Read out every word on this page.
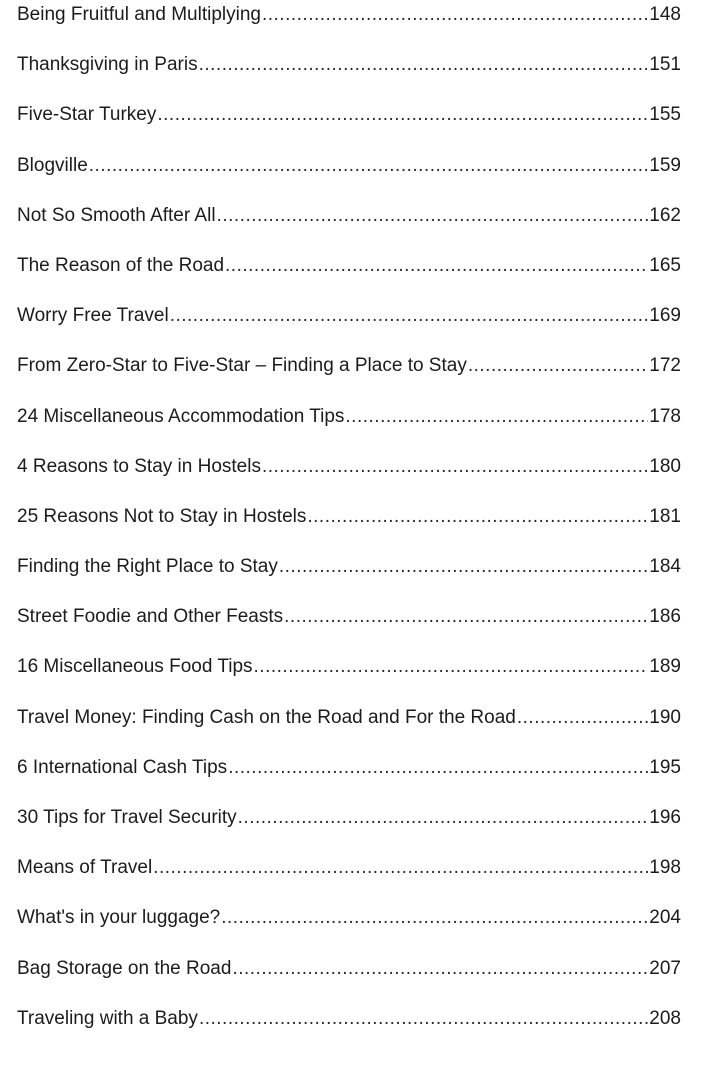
Being Fruitful and Multiplying .....	148
Thanksgiving in Paris .....	151
Five-Star Turkey .....	155
Blogville .....	159
Not So Smooth After All .....	162
The Reason of the Road .....	165
Worry Free Travel .....	169
From Zero-Star to Five-Star – Finding a Place to Stay .....	172
24 Miscellaneous Accommodation Tips .....	178
4 Reasons to Stay in Hostels .....	180
25 Reasons Not to Stay in Hostels .....	181
Finding the Right Place to Stay .....	184
Street Foodie and Other Feasts .....	186
16 Miscellaneous Food Tips .....	189
Travel Money: Finding Cash on the Road and For the Road .....	190
6 International Cash Tips .....	195
30 Tips for Travel Security .....	196
Means of Travel .....	198
What's in your luggage? .....	204
Bag Storage on the Road .....	207
Traveling with a Baby .....	208
